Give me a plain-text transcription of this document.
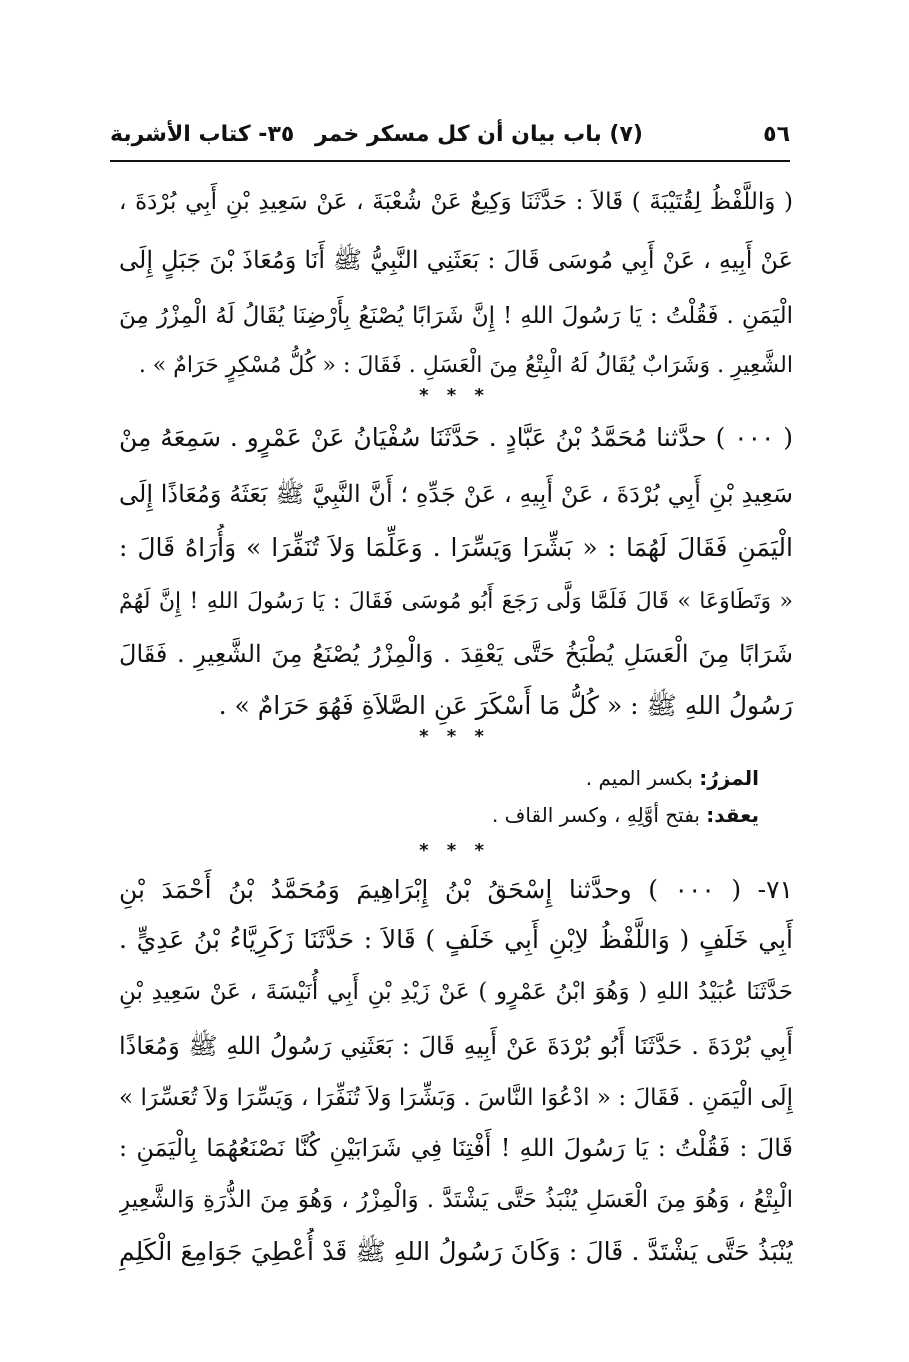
٥٦
(٧) باب بيان أن كل مسكر خمر
٣٥- كتاب الأشربة
( وَاللَّفْظُ لِقُتَيْبَةَ ) قَالاَ : حَدَّثَنَا وَكِيعٌ عَنْ شُعْبَةَ ، عَنْ سَعِيدِ بْنِ أَبِي بُرْدَةَ ،
عَنْ أَبِيهِ ، عَنْ أَبِي مُوسَى قَالَ : بَعَثَنِي النَّبِيُّ ﷺ أَنَا وَمُعَاذَ بْنَ جَبَلٍ إِلَى
الْيَمَنِ . فَقُلْتُ : يَا رَسُولَ اللهِ ! إِنَّ شَرَابًا يُصْنَعُ بِأَرْضِنَا يُقَالُ لَهُ الْمِزْرُ مِنَ
الشَّعِيرِ . وَشَرَابٌ يُقَالُ لَهُ الْبِتْعُ مِنَ الْعَسَلِ . فَقَالَ : « كُلُّ مُسْكِرٍ حَرَامٌ » .
* * *
( ٠٠٠ ) حدَّثنا مُحَمَّدُ بْنُ عَبَّادٍ . حَدَّثَنَا سُفْيَانُ عَنْ عَمْرٍو . سَمِعَهُ مِنْ
سَعِيدِ بْنِ أَبِي بُرْدَةَ ، عَنْ أَبِيهِ ، عَنْ جَدِّهِ ؛ أَنَّ النَّبِيَّ ﷺ بَعَثَهُ وَمُعَاذًا إِلَى
الْيَمَنِ فَقَالَ لَهُمَا : « بَشِّرَا وَيَسِّرَا . وَعَلِّمَا وَلاَ تُنَفِّرَا » وَأُرَاهُ قَالَ :
« وَتَطَاوَعَا » قَالَ فَلَمَّا وَلَّى رَجَعَ أَبُو مُوسَى فَقَالَ : يَا رَسُولَ اللهِ ! إِنَّ لَهُمْ
شَرَابًا مِنَ الْعَسَلِ يُطْبَخُ حَتَّى يَعْقِدَ . وَالْمِزْرُ يُصْنَعُ مِنَ الشَّعِيرِ . فَقَالَ
رَسُولُ اللهِ ﷺ : « كُلُّ مَا أَسْكَرَ عَنِ الصَّلاَةِ فَهُوَ حَرَامٌ » .
* * *
المزرُ: بكسر الميم .
يعقد: بفتح أوَّلِهِ ، وكسر القاف .
* * *
٧١- ( ٠٠٠ ) وحدَّثنا إِسْحَقُ بْنُ إِبْرَاهِيمَ وَمُحَمَّدُ بْنُ أَحْمَدَ بْنِ
أَبِي خَلَفٍ ( وَاللَّفْظُ لاِبْنِ أَبِي خَلَفٍ ) قَالاَ : حَدَّثَنَا زَكَرِيَّاءُ بْنُ عَدِيٍّ .
حَدَّثَنَا عُبَيْدُ اللهِ ( وَهُوَ ابْنُ عَمْرٍو ) عَنْ زَيْدِ بْنِ أَبِي أُنَيْسَةَ ، عَنْ سَعِيدِ بْنِ
أَبِي بُرْدَةَ . حَدَّثَنَا أَبُو بُرْدَةَ عَنْ أَبِيهِ قَالَ : بَعَثَنِي رَسُولُ اللهِ ﷺ وَمُعَاذًا
إِلَى الْيَمَنِ . فَقَالَ : « ادْعُوَا النَّاسَ . وَبَشِّرَا وَلاَ تُنَفِّرَا ، وَيَسِّرَا وَلاَ تُعَسِّرَا »
قَالَ : فَقُلْتُ : يَا رَسُولَ اللهِ ! أَفْتِنَا فِي شَرَابَيْنِ كُنَّا نَصْنَعُهُمَا بِالْيَمَنِ :
الْبِتْعُ ، وَهُوَ مِنَ الْعَسَلِ يُنْبَذُ حَتَّى يَشْتَدَّ . وَالْمِزْرُ ، وَهُوَ مِنَ الذُّرَةِ وَالشَّعِيرِ
يُنْبَذُ حَتَّى يَشْتَدَّ . قَالَ : وَكَانَ رَسُولُ اللهِ ﷺ قَدْ أُعْطِيَ جَوَامِعَ الْكَلِمِ
